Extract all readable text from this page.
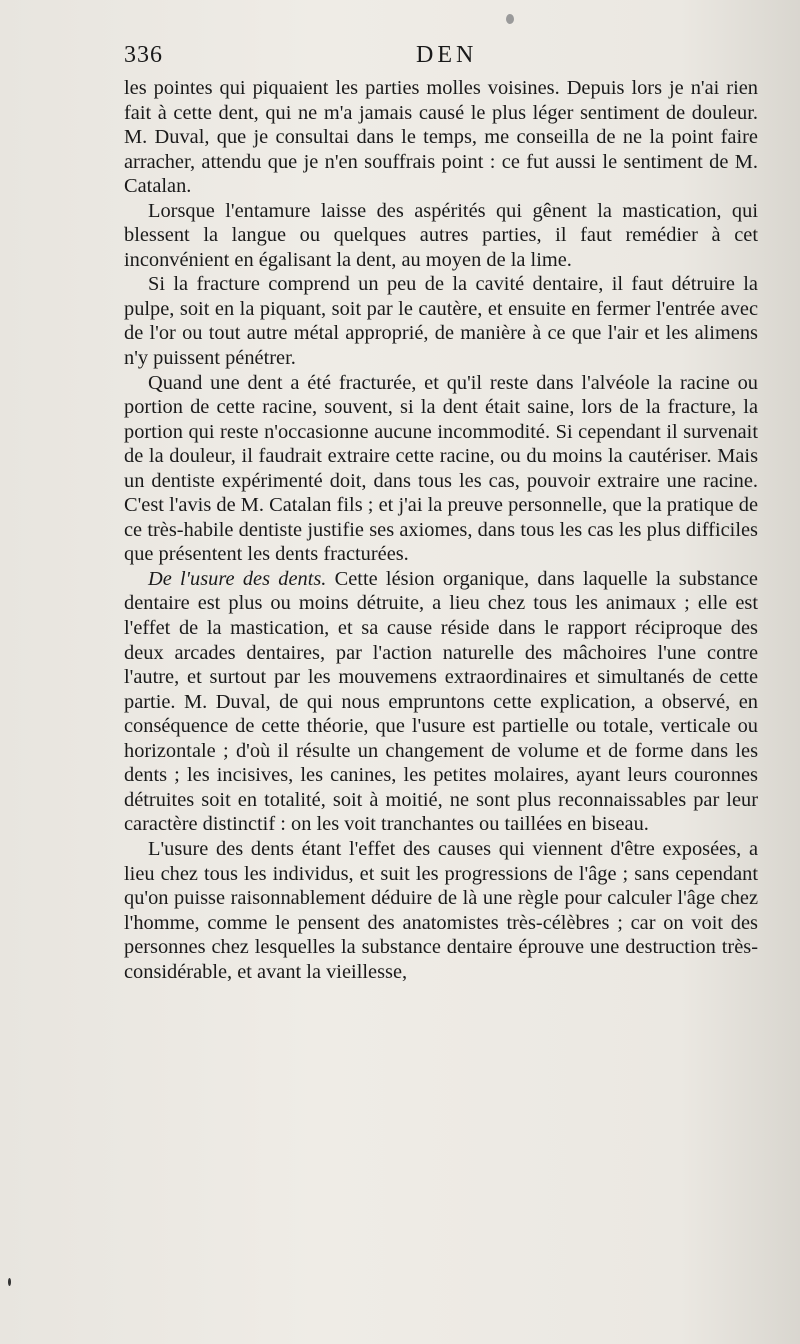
336	DEN

les pointes qui piquaient les parties molles voisines. Depuis lors je n'ai rien fait à cette dent, qui ne m'a jamais causé le plus léger sentiment de douleur. M. Duval, que je consultai dans le temps, me conseilla de ne la point faire arracher, attendu que je n'en souffrais point : ce fut aussi le sentiment de M. Catalan.

Lorsque l'entamure laisse des aspérités qui gênent la mastication, qui blessent la langue ou quelques autres parties, il faut remédier à cet inconvénient en égalisant la dent, au moyen de la lime.

Si la fracture comprend un peu de la cavité dentaire, il faut détruire la pulpe, soit en la piquant, soit par le cautère, et ensuite en fermer l'entrée avec de l'or ou tout autre métal approprié, de manière à ce que l'air et les alimens n'y puissent pénétrer.

Quand une dent a été fracturée, et qu'il reste dans l'alvéole la racine ou portion de cette racine, souvent, si la dent était saine, lors de la fracture, la portion qui reste n'occasionne aucune incommodité. Si cependant il survenait de la douleur, il faudrait extraire cette racine, ou du moins la cautériser. Mais un dentiste expérimenté doit, dans tous les cas, pouvoir extraire une racine. C'est l'avis de M. Catalan fils ; et j'ai la preuve personnelle, que la pratique de ce très-habile dentiste justifie ses axiomes, dans tous les cas les plus difficiles que présentent les dents fracturées.

De l'usure des dents. Cette lésion organique, dans laquelle la substance dentaire est plus ou moins détruite, a lieu chez tous les animaux ; elle est l'effet de la mastication, et sa cause réside dans le rapport réciproque des deux arcades dentaires, par l'action naturelle des mâchoires l'une contre l'autre, et surtout par les mouvemens extraordinaires et simultanés de cette partie. M. Duval, de qui nous empruntons cette explication, a observé, en conséquence de cette théorie, que l'usure est partielle ou totale, verticale ou horizontale ; d'où il résulte un changement de volume et de forme dans les dents ; les incisives, les canines, les petites molaires, ayant leurs couronnes détruites soit en totalité, soit à moitié, ne sont plus reconnaissables par leur caractère distinctif : on les voit tranchantes ou taillées en biseau.

L'usure des dents étant l'effet des causes qui viennent d'être exposées, a lieu chez tous les individus, et suit les progressions de l'âge ; sans cependant qu'on puisse raisonnablement déduire de là une règle pour calculer l'âge chez l'homme, comme le pensent des anatomistes très-célèbres ; car on voit des personnes chez lesquelles la substance dentaire éprouve une destruction très-considérable, et avant la vieillesse,
